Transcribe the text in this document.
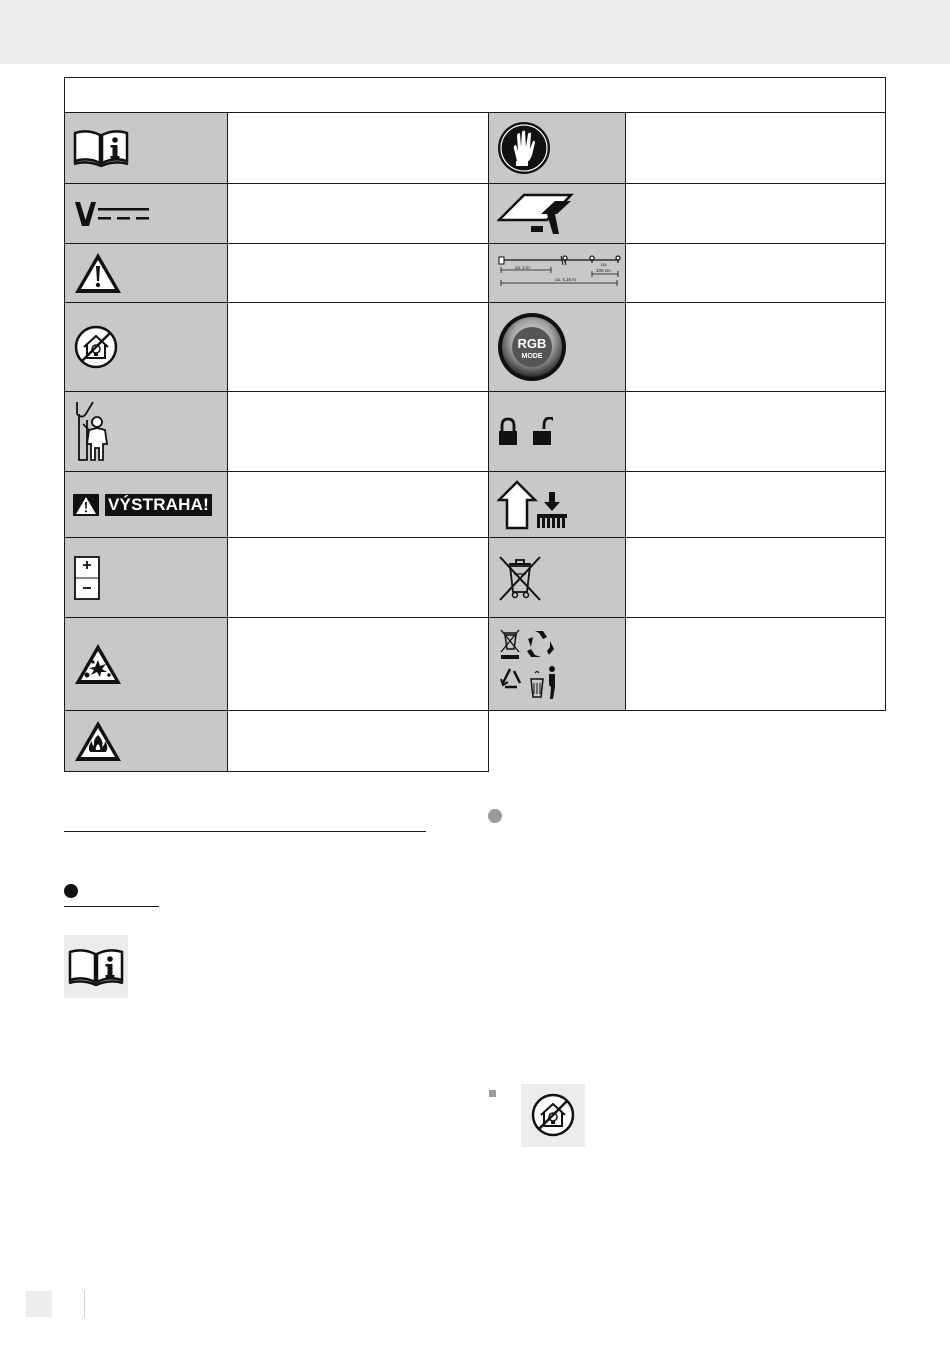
ca. 2 m
ca. 4,15 m
ca.
100 cm
RGB
MODE
VÝSTRAHA!
